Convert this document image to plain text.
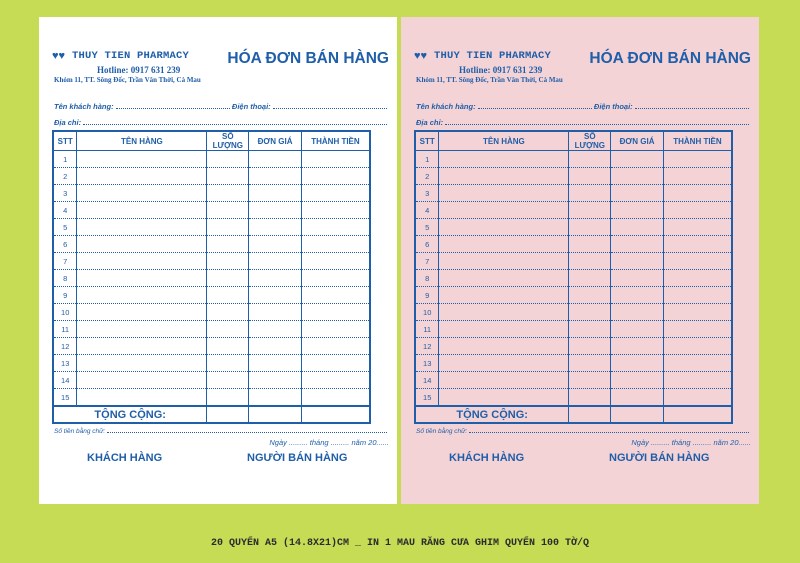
♥♥ THUY TIEN PHARMACY HÓA ĐƠN BÁN HÀNG
Hotline: 0917 631 239
Khóm 11, TT. Sông Đốc, Trần Văn Thời, Cà Mau
Tên khách hàng:	Điện thoại:
Địa chỉ:
STT	TÊN HÀNG	SỐ LƯỢNG	ĐƠN GIÁ	THÀNH TIỀN
1				
2				
3				
4				
5				
6				
7				
8				
9				
10				
11				
12				
13				
14				
15				
TỘNG CỘNG:				
Số tiền bằng chữ:
Ngày ......... tháng ......... năm 20......
KHÁCH HÀNG	NGƯỜI BÁN HÀNG
♥♥ THUY TIEN PHARMACY HÓA ĐƠN BÁN HÀNG
Hotline: 0917 631 239
Khóm 11, TT. Sông Đốc, Trần Văn Thời, Cà Mau
Tên khách hàng:	Điện thoại:
Địa chỉ:
STT	TÊN HÀNG	SỐ LƯỢNG	ĐƠN GIÁ	THÀNH TIỀN
1				
2				
3				
4				
5				
6				
7				
8				
9				
10				
11				
12				
13				
14				
15				
TỘNG CỘNG:				
Số tiền bằng chữ:
Ngày ......... tháng ......... năm 20......
KHÁCH HÀNG	NGƯỜI BÁN HÀNG
20 QUYỂN A5 (14.8X21)CM _ IN 1 MAU RĂNG CƯA GHIM QUYỂN 100 TỜ/Q
